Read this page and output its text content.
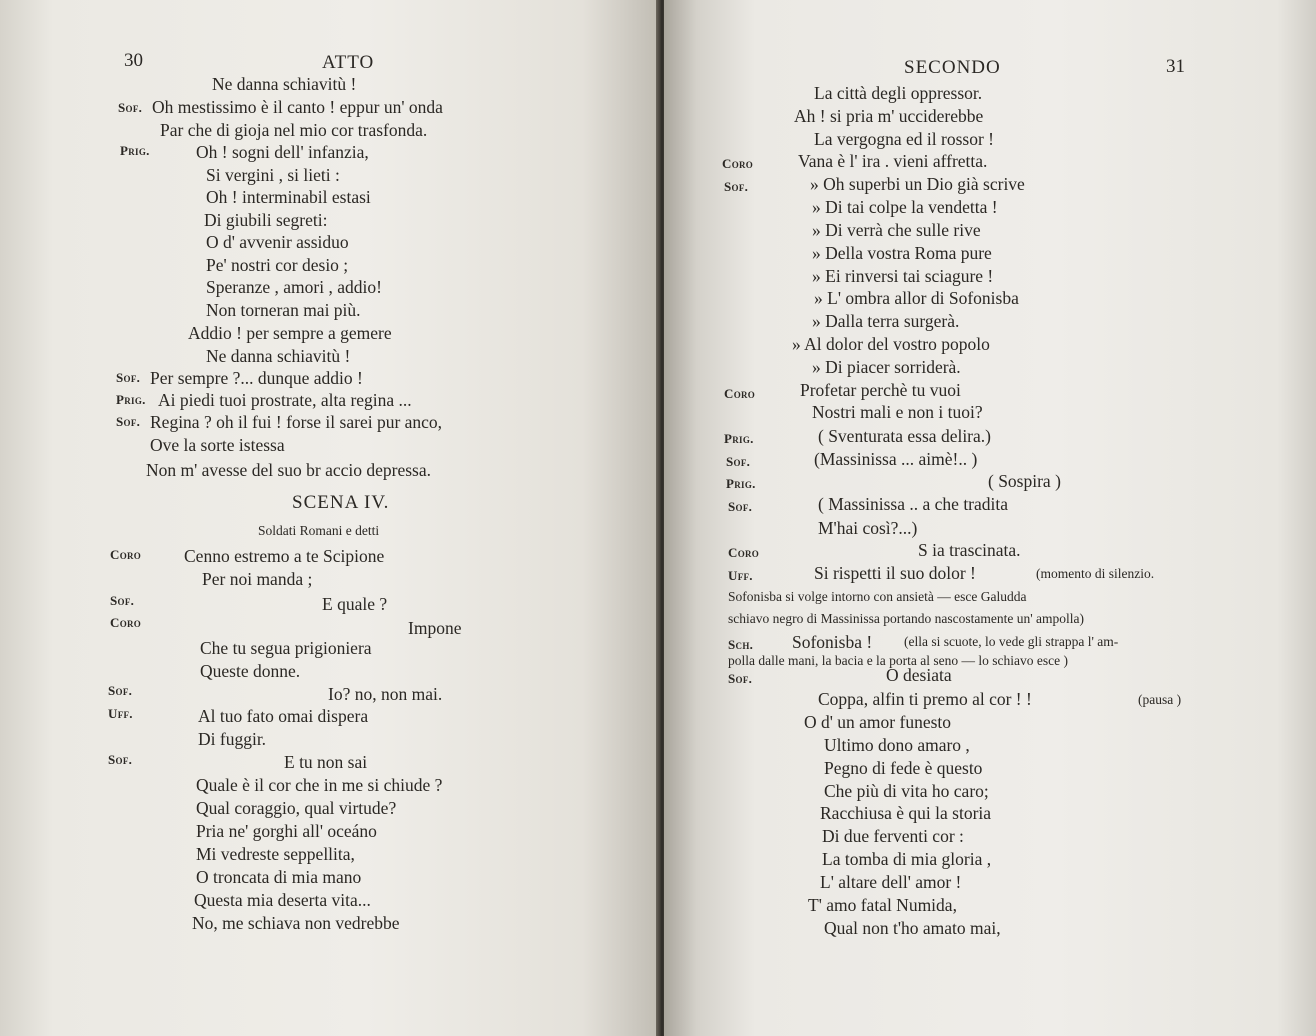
30	ATTO
Ne danna schiavitù !
Sof. Oh mestissimo è il canto ! eppur un' onda
Par che di gioja nel mio cor trasfonda.
Prig.	Oh ! sogni dell' infanzia,
Si vergini , si lieti :
Oh ! interminabil estasi
Di giubili segreti:
O d' avvenir assiduo
Pe' nostri cor desio ;
Speranze , amori , addio!
Non torneran mai più.
Addio ! per sempre a gemere
Ne danna schiavitù !
Sof. Per sempre ?... dunque addio !
Prig. Ai piedi tuoi prostrate, alta regina ...
Sof. Regina ? oh il fui ! forse il sarei pur anco,
Ove la sorte istessa
Non m' avesse del suo br accio depressa.
SCENA IV.
Soldati Romani e detti
Coro Cenno estremo a te Scipione
Per noi manda ;
Sof.	E quale ?
Coro	Impone
Che tu segua prigioniera
Queste donne.
Sof.	Io? no, non mai.
Uff.	Al tuo fato omai dispera
Di fuggir.
Sof.	E tu non sai
Quale è il cor che in me si chiude ?
Qual coraggio, qual virtude?
Pria ne' gorghi all' oceáno
Mi vedreste seppellita,
O troncata di mia mano
Questa mia deserta vita...
No, me schiava non vedrebbe
SECONDO	31
La città degli oppressor.
Ah ! si pria m' ucciderebbe
La vergogna ed il rossor !
Coro	Vana è l' ira . vieni affretta.
Sof.	» Oh superbi un Dio già scrive
» Di tai colpe la vendetta !
» Di verrà che sulle rive
» Della vostra Roma pure
» Ei rinversi tai sciagure !
» L' ombra allor di Sofonisba
» Dalla terra surgerà.
» Al dolor del vostro popolo
» Di piacer sorriderà.
Coro	Profetar perchè tu vuoi
Nostri mali e non i tuoi?
Prig.	( Sventurata essa delira.)
Sof.	(Massinissa ... aimè!.. )
Prig.	( Sospira )
Sof.	( Massinissa .. a che tradita
M'hai così?...)
Coro	S ia trascinata.
Uff.	Si rispetti il suo dolor !	(momento di silenzio.
Sofonisba si volge intorno con ansietà — esce Galudda
schiavo negro di Massinissa portando nascostamente un' ampolla)
Sch. Sofonisba ! (ella si scuote, lo vede gli strappa l' am-
polla dalle mani, la bacia e la porta al seno — lo schiavo esce )
Sof.	O desiata
Coppa, alfin ti premo al cor ! !	(pausa )
O d' un amor funesto
Ultimo dono amaro ,
Pegno di fede è questo
Che più di vita ho caro;
Racchiusa è qui la storia
Di due ferventi cor :
La tomba di mia gloria ,
L' altare dell' amor !
T' amo fatal Numida,
Qual non t'ho amato mai,
